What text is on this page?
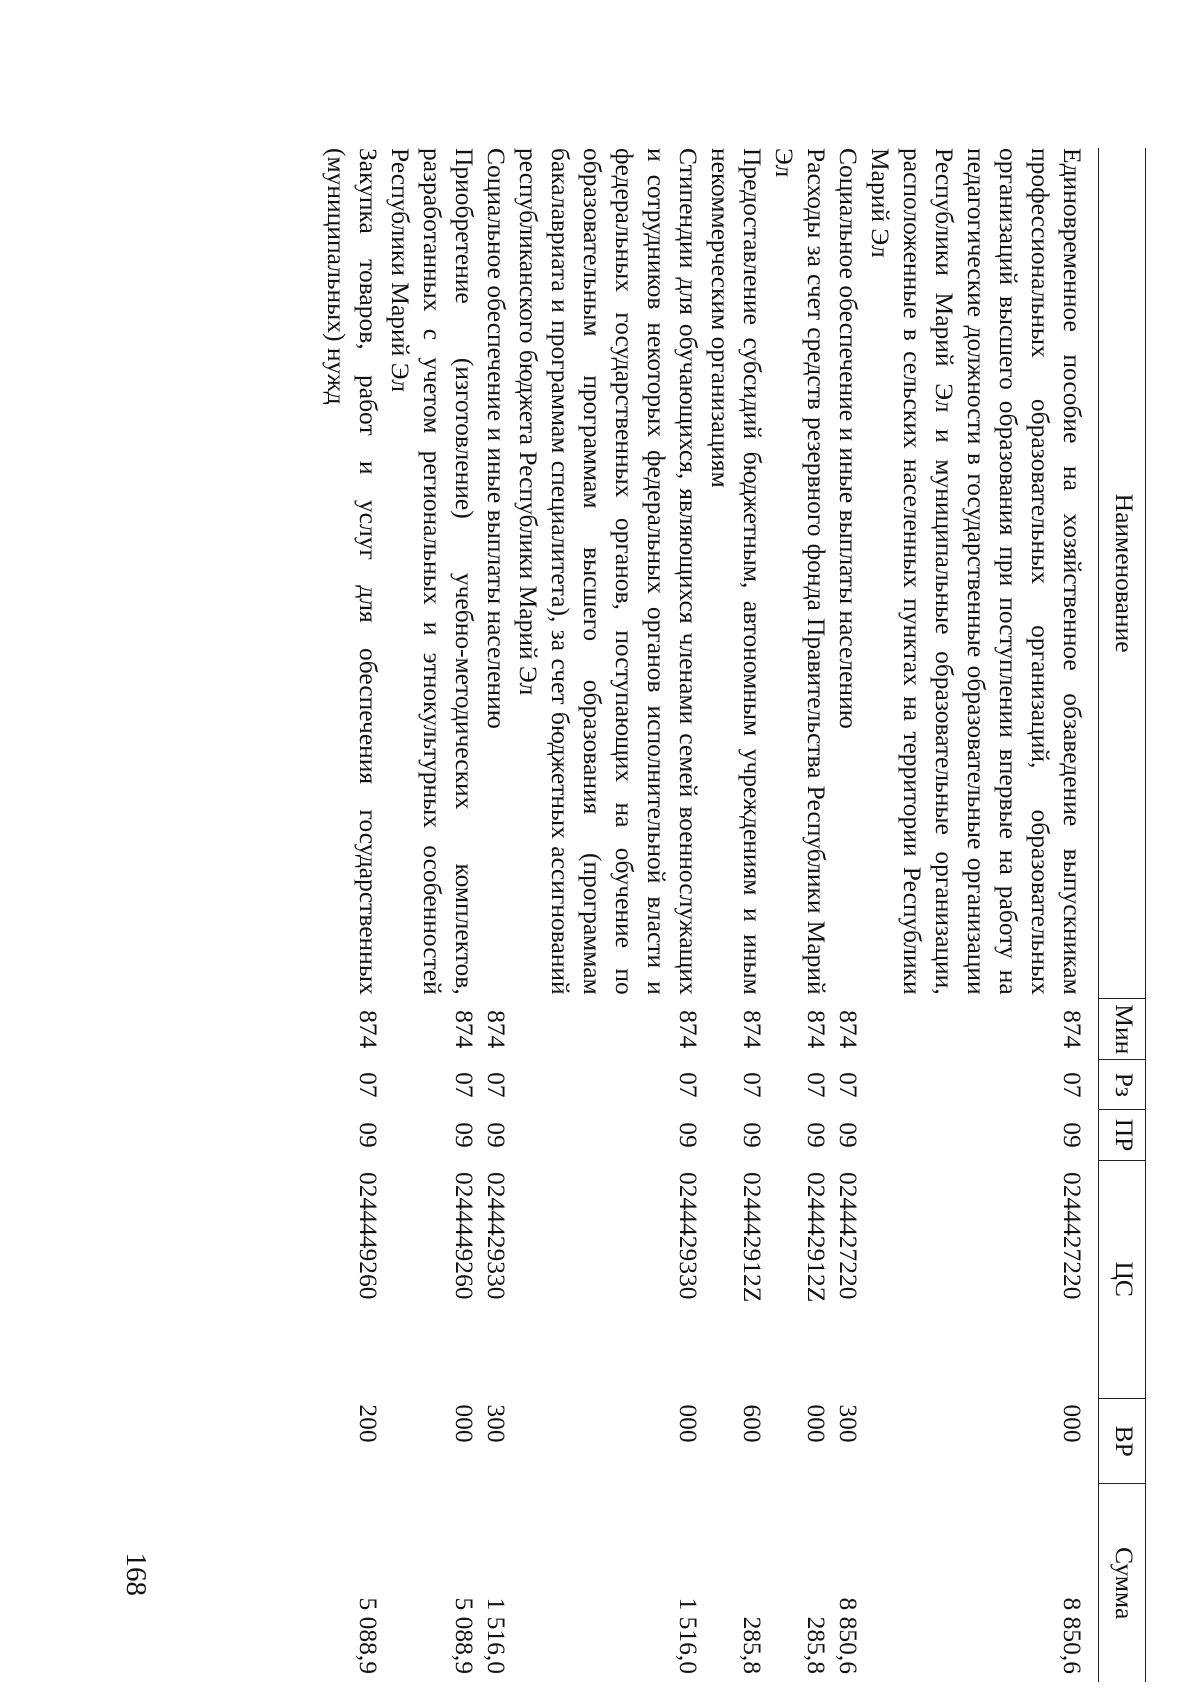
168
Наименование	Мин	Рз	ПР	ЦС	ВР	Сумма
Единовременное пособие на хозяйственное обзаведение выпускникам профессиональных образовательных организаций, образовательных организаций высшего образования при поступлении впервые на работу на педагогические должности в государственные образовательные организации Республики Марий Эл и муниципальные образовательные организации, расположенные в сельских населенных пунктах на территории Республики Марий Эл	874	07	09	0244427220	000	8 850,6
Социальное обеспечение и иные выплаты населению	874	07	09	0244427220	300	8 850,6
Расходы за счет средств резервного фонда Правительства Республики Марий Эл	874	07	09	024442912Z	000	285,8
Предоставление субсидий бюджетным, автономным учреждениям и иным некоммерческим организациям	874	07	09	024442912Z	600	285,8
Стипендии для обучающихся, являющихся членами семей военнослужащих и сотрудников некоторых федеральных органов исполнительной власти и федеральных государственных органов, поступающих на обучение по образовательным программам высшего образования (программам бакалавриата и программам специалитета), за счет бюджетных ассигнований республиканского бюджета Республики Марий Эл	874	07	09	0244429330	000	1 516,0
Социальное обеспечение и иные выплаты населению	874	07	09	0244429330	300	1 516,0
Приобретение (изготовление) учебно-методических комплектов, разработанных с учетом региональных и этнокультурных особенностей Республики Марий Эл	874	07	09	0244449260	000	5 088,9
Закупка товаров, работ и услуг для обеспечения государственных (муниципальных) нужд	874	07	09	0244449260	200	5 088,9
